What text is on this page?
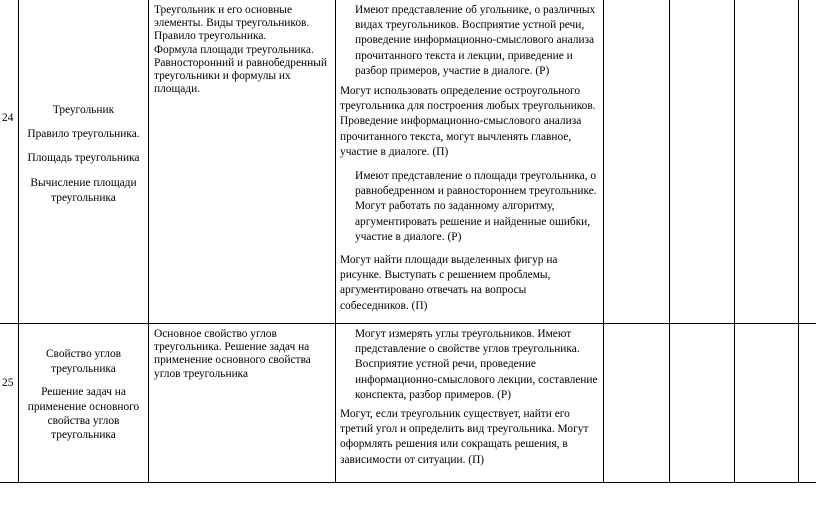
24
Треугольник
Правило треугольника.
Площадь треугольника
Вычисление площади
треугольника
Треугольник и его основные
элементы. Виды треугольников.
Правило треугольника.
Формула площади треугольника.
Равносторонний и равнобедренный
треугольники и формулы их
площади.
Имеют представление об угольнике, о различных
видах треугольников. Восприятие устной речи,
проведение информационно-смыслового анализа
прочитанного текста и лекции, приведение и
разбор примеров, участие в диалоге. (Р)
Могут использовать определение остроугольного
треугольника для построения любых треугольников.
Проведение информационно-смыслового анализа
прочитанного текста, могут вычленять главное,
участие в диалоге. (П)
Имеют представление о площади треугольника, о
равнобедренном и равностороннем треугольнике.
Могут работать по заданному алгоритму,
аргументировать решение и найденные ошибки,
участие в диалоге. (Р)
Могут найти площади выделенных фигур на
рисунке. Выступать с решением проблемы,
аргументировано отвечать на вопросы
собеседников. (П)
25
Свойство углов
треугольника
Решение задач на
применение основного
свойства углов
треугольника
Основное свойство углов
треугольника. Решение задач на
применение основного свойства
углов треугольника
Могут измерять углы треугольников. Имеют
представление о свойстве углов треугольника.
Восприятие устной речи, проведение
информационно-смыслового лекции, составление
конспекта, разбор примеров. (Р)
Могут, если треугольник существует, найти его
третий угол и определить вид треугольника. Могут
оформлять решения или сокращать решения, в
зависимости от ситуации. (П)
